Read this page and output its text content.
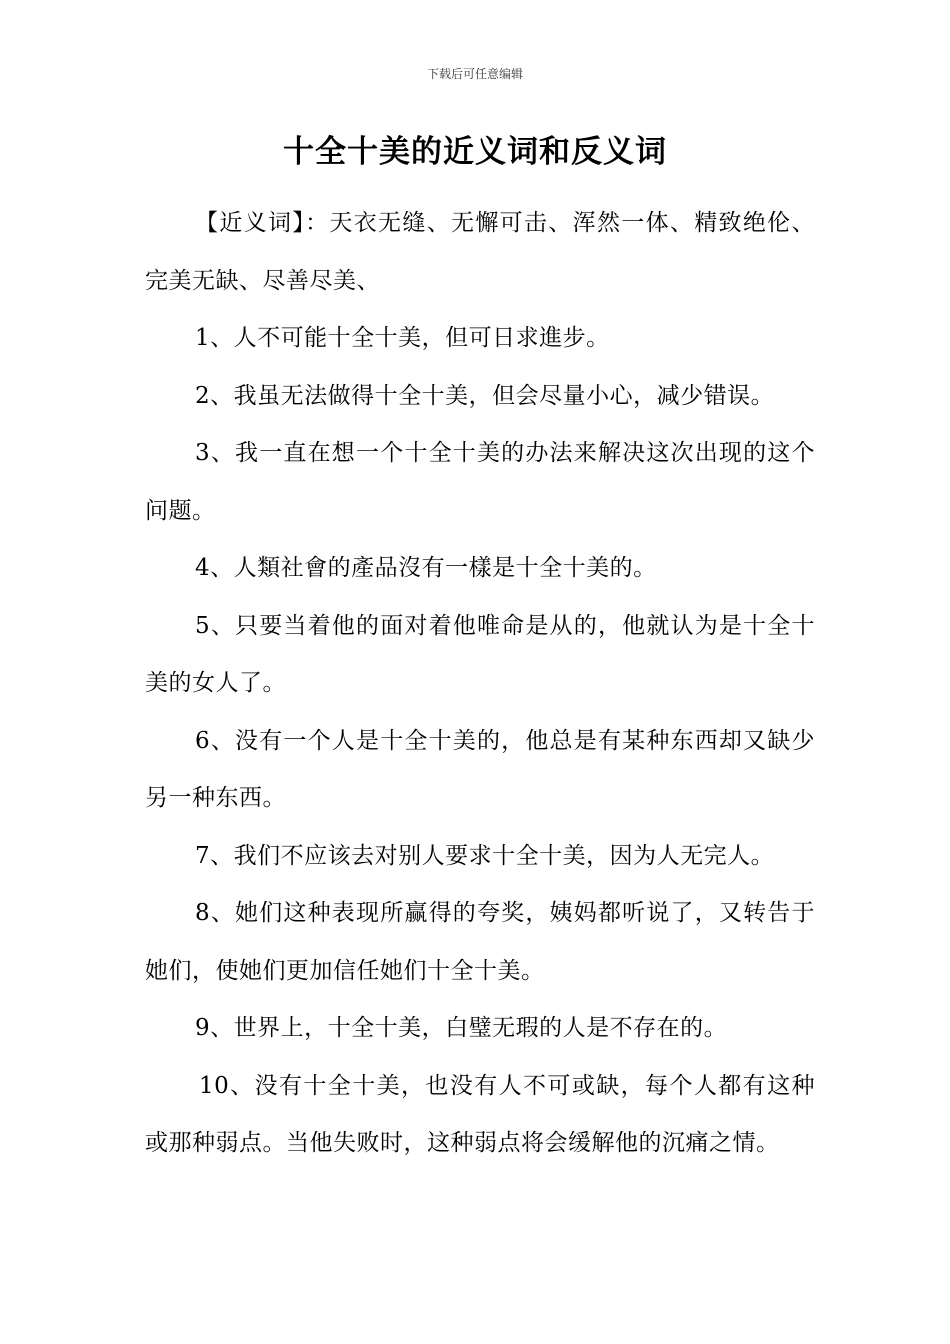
下载后可任意编辑
十全十美的近义词和反义词

【近义词】：天衣无缝、无懈可击、浑然一体、精致绝伦、完美无缺、尽善尽美、

1、人不可能十全十美，但可日求進步。

2、我虽无法做得十全十美，但会尽量小心，减少错误。

3、我一直在想一个十全十美的办法来解决这次出现的这个问题。

4、人類社會的產品沒有一樣是十全十美的。

5、只要当着他的面对着他唯命是从的，他就认为是十全十美的女人了。

6、没有一个人是十全十美的，他总是有某种东西却又缺少另一种东西。

7、我们不应该去对别人要求十全十美，因为人无完人。

8、她们这种表现所赢得的夸奖，姨妈都听说了，又转告于她们，使她们更加信任她们十全十美。

9、世界上，十全十美，白璧无瑕的人是不存在的。

10、没有十全十美，也没有人不可或缺，每个人都有这种或那种弱点。当他失败时，这种弱点将会缓解他的沉痛之情。
